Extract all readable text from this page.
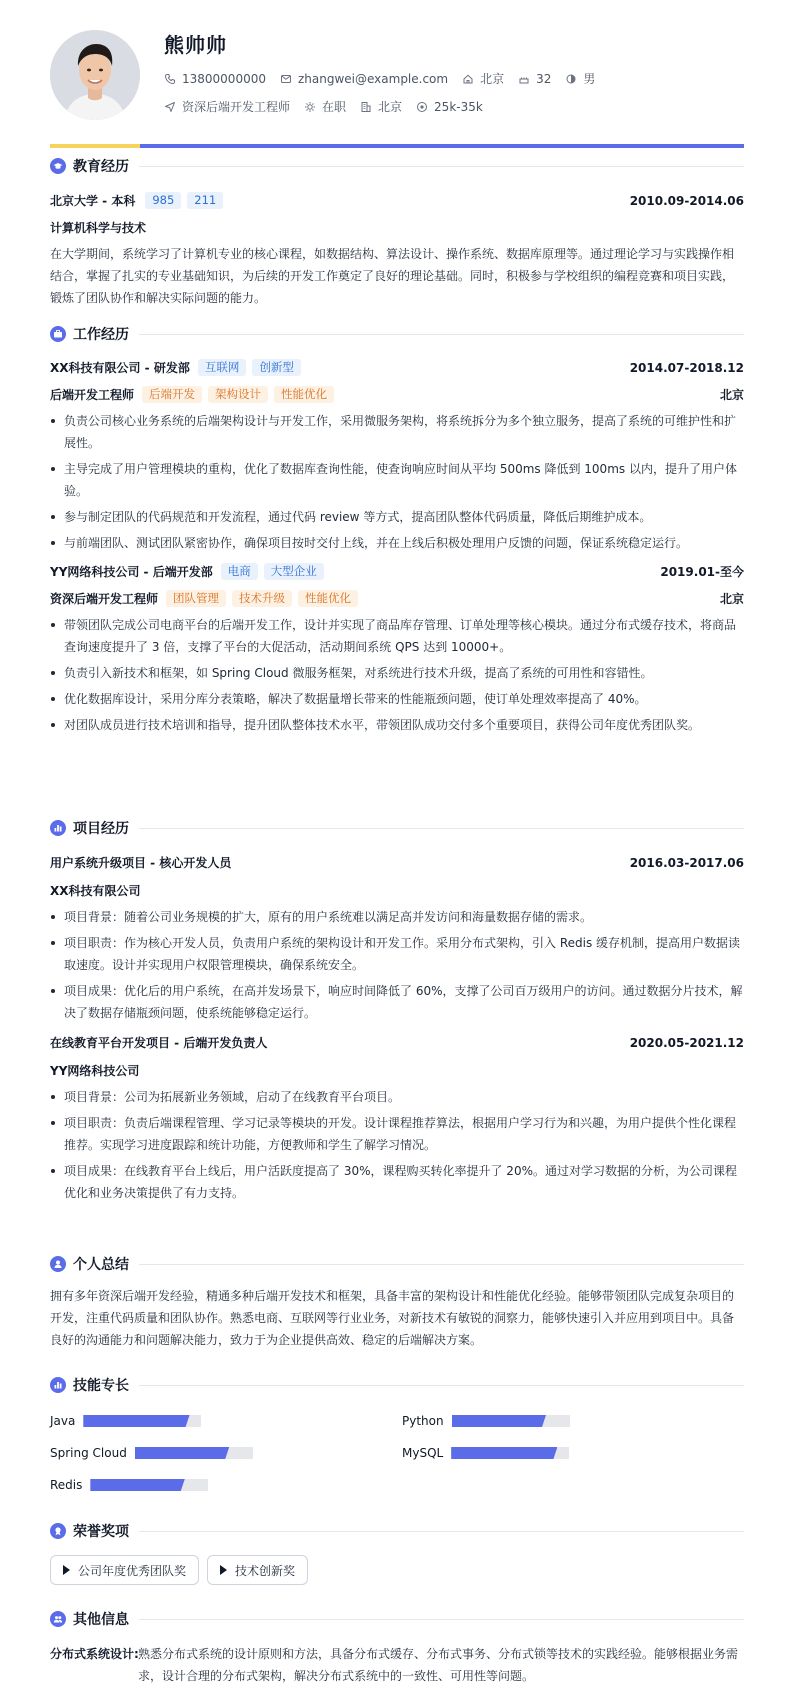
熊帅帅
13800000000	zhangwei@example.com	北京	32	男
资深后端开发工程师	在职	北京	25k-35k
教育经历
北京大学 - 本科	985	211	2010.09-2014.06
计算机科学与技术
在大学期间，系统学习了计算机专业的核心课程，如数据结构、算法设计、操作系统、数据库原理等。通过理论学习与实践操作相结合，掌握了扎实的专业基础知识，为后续的开发工作奠定了良好的理论基础。同时，积极参与学校组织的编程竞赛和项目实践，锻炼了团队协作和解决实际问题的能力。
工作经历
XX科技有限公司 - 研发部	互联网	创新型	2014.07-2018.12
后端开发工程师	后端开发	架构设计	性能优化	北京
负责公司核心业务系统的后端架构设计与开发工作，采用微服务架构，将系统拆分为多个独立服务，提高了系统的可维护性和扩展性。
主导完成了用户管理模块的重构，优化了数据库查询性能，使查询响应时间从平均 500ms 降低到 100ms 以内，提升了用户体验。
参与制定团队的代码规范和开发流程，通过代码 review 等方式，提高团队整体代码质量，降低后期维护成本。
与前端团队、测试团队紧密协作，确保项目按时交付上线，并在上线后积极处理用户反馈的问题，保证系统稳定运行。
YY网络科技公司 - 后端开发部	电商	大型企业	2019.01-至今
资深后端开发工程师	团队管理	技术升级	性能优化	北京
带领团队完成公司电商平台的后端开发工作，设计并实现了商品库存管理、订单处理等核心模块。通过分布式缓存技术，将商品查询速度提升了 3 倍，支撑了平台的大促活动，活动期间系统 QPS 达到 10000+。
负责引入新技术和框架，如 Spring Cloud 微服务框架，对系统进行技术升级，提高了系统的可用性和容错性。
优化数据库设计，采用分库分表策略，解决了数据量增长带来的性能瓶颈问题，使订单处理效率提高了 40%。
对团队成员进行技术培训和指导，提升团队整体技术水平，带领团队成功交付多个重要项目，获得公司年度优秀团队奖。
项目经历
用户系统升级项目 - 核心开发人员	2016.03-2017.06
XX科技有限公司
项目背景：随着公司业务规模的扩大，原有的用户系统难以满足高并发访问和海量数据存储的需求。
项目职责：作为核心开发人员，负责用户系统的架构设计和开发工作。采用分布式架构，引入 Redis 缓存机制，提高用户数据读取速度。设计并实现用户权限管理模块，确保系统安全。
项目成果：优化后的用户系统，在高并发场景下，响应时间降低了 60%，支撑了公司百万级用户的访问。通过数据分片技术，解决了数据存储瓶颈问题，使系统能够稳定运行。
在线教育平台开发项目 - 后端开发负责人	2020.05-2021.12
YY网络科技公司
项目背景：公司为拓展新业务领域，启动了在线教育平台项目。
项目职责：负责后端课程管理、学习记录等模块的开发。设计课程推荐算法，根据用户学习行为和兴趣，为用户提供个性化课程推荐。实现学习进度跟踪和统计功能，方便教师和学生了解学习情况。
项目成果：在线教育平台上线后，用户活跃度提高了 30%，课程购买转化率提升了 20%。通过对学习数据的分析，为公司课程优化和业务决策提供了有力支持。
个人总结
拥有多年资深后端开发经验，精通多种后端开发技术和框架，具备丰富的架构设计和性能优化经验。能够带领团队完成复杂项目的开发，注重代码质量和团队协作。熟悉电商、互联网等行业业务，对新技术有敏锐的洞察力，能够快速引入并应用到项目中。具备良好的沟通能力和问题解决能力，致力于为企业提供高效、稳定的后端解决方案。
技能专长
Java	Python
Spring Cloud	MySQL
Redis
荣誉奖项
公司年度优秀团队奖	技术创新奖
其他信息
分布式系统设计: 熟悉分布式系统的设计原则和方法，具备分布式缓存、分布式事务、分布式锁等技术的实践经验。能够根据业务需求，设计合理的分布式架构，解决分布式系统中的一致性、可用性等问题。
